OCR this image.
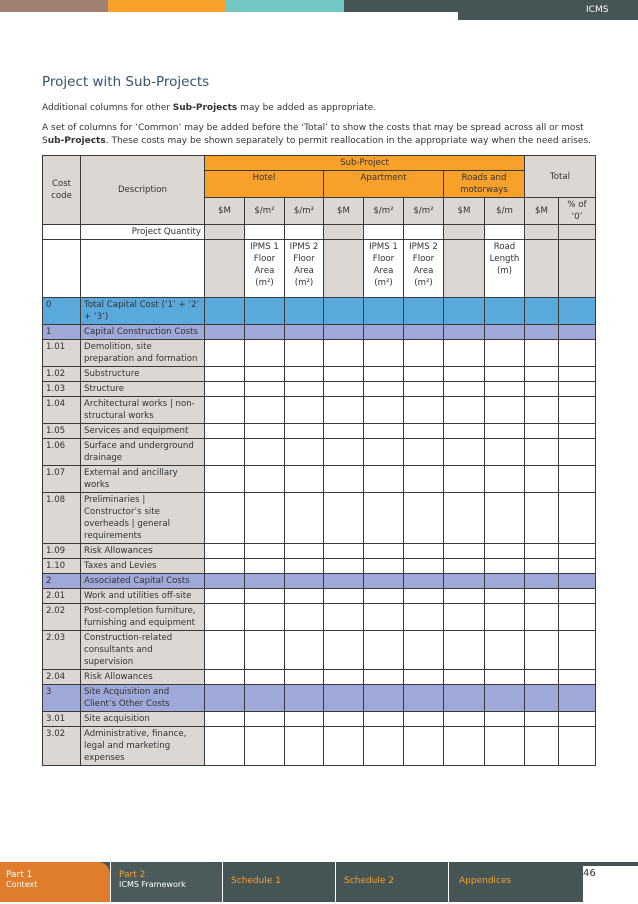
ICMS
Project with Sub-Projects

Additional columns for other Sub-Projects may be added as appropriate.

A set of columns for ‘Common’ may be added before the ‘Total’ to show the costs that may be spread across all or most Sub-Projects. These costs may be shown separately to permit reallocation in the appropriate way when the need arises.

Cost code	Description	Sub-Project								Total	
		Hotel			Apartment			Roads and motorways			
		$M	$/m²	$/m²	$M	$/m²	$/m²	$M	$/m	$M	% of ‘0’
	Project Quantity										
			IPMS 1 Floor Area (m²)	IPMS 2 Floor Area (m²)		IPMS 1 Floor Area (m²)	IPMS 2 Floor Area (m²)		Road Length (m)		
0	Total Capital Cost (‘1’ + ‘2’ + ‘3’)										
1	Capital Construction Costs										
1.01	Demolition, site preparation and formation										
1.02	Substructure										
1.03	Structure										
1.04	Architectural works | non-structural works										
1.05	Services and equipment										
1.06	Surface and underground drainage										
1.07	External and ancillary works										
1.08	Preliminaries | Constructor’s site overheads | general requirements										
1.09	Risk Allowances										
1.10	Taxes and Levies										
2	Associated Capital Costs										
2.01	Work and utilities off-site										
2.02	Post-completion furniture, furnishing and equipment										
2.03	Construction-related consultants and supervision										
2.04	Risk Allowances										
3	Site Acquisition and Client’s Other Costs										
3.01	Site acquisition										
3.02	Administrative, finance, legal and marketing expenses										
Part 1
Context
Part 2
ICMS Framework	Schedule 1	Schedule 2	Appendices
46
